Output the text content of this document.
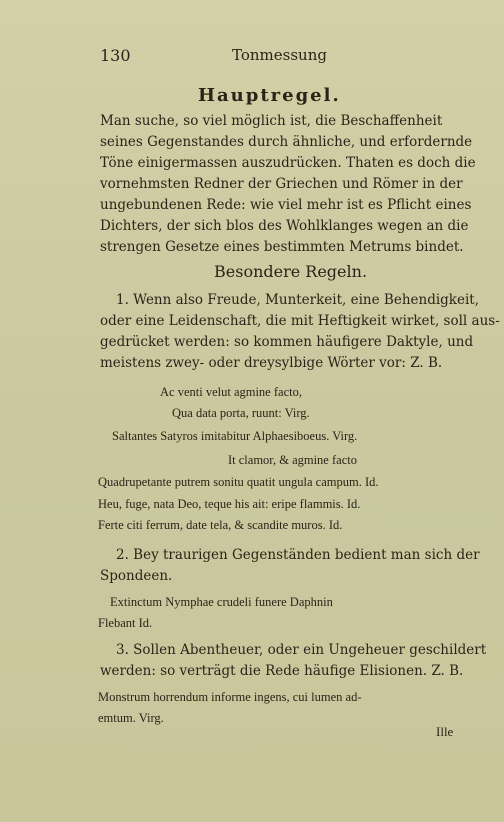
130	Tonmessung
Hauptregel.
Man suche, so viel möglich ist, die Beschaffenheit
seines Gegenstandes durch ähnliche, und erfordernde
Töne einigermassen auszudrücken. Thaten es doch die
vornehmsten Redner der Griechen und Römer in der
ungebundenen Rede: wie viel mehr ist es Pflicht eines
Dichters, der sich blos des Wohlklanges wegen an die
strengen Gesetze eines bestimmten Metrums bindet.
Besondere Regeln.
1. Wenn also Freude, Munterkeit, eine Behendigkeit,
oder eine Leidenschaft, die mit Heftigkeit wirket, soll aus-
gedrücket werden: so kommen häufigere Daktyle, und
meistens zwey- oder dreysylbige Wörter vor: Z. B.
Ac venti velut agmine facto,
Qua data porta, ruunt: Virg.
Saltantes Satyros imitabitur Alphaesiboeus. Virg.
It clamor, & agmine facto
Quadrupetante putrem sonitu quatit ungula campum. Id.
Heu, fuge, nata Deo, teque his ait: eripe flammis. Id.
Ferte citi ferrum, date tela, & scandite muros. Id.
2. Bey traurigen Gegenständen bedient man sich der
Spondeen.
Extinctum Nymphae crudeli funere Daphnin
Flebant Id.
3. Sollen Abentheuer, oder ein Ungeheuer geschildert
werden: so verträgt die Rede häufige Elisionen. Z. B.
Monstrum horrendum informe ingens, cui lumen ad-
emtum. Virg.
Ille
